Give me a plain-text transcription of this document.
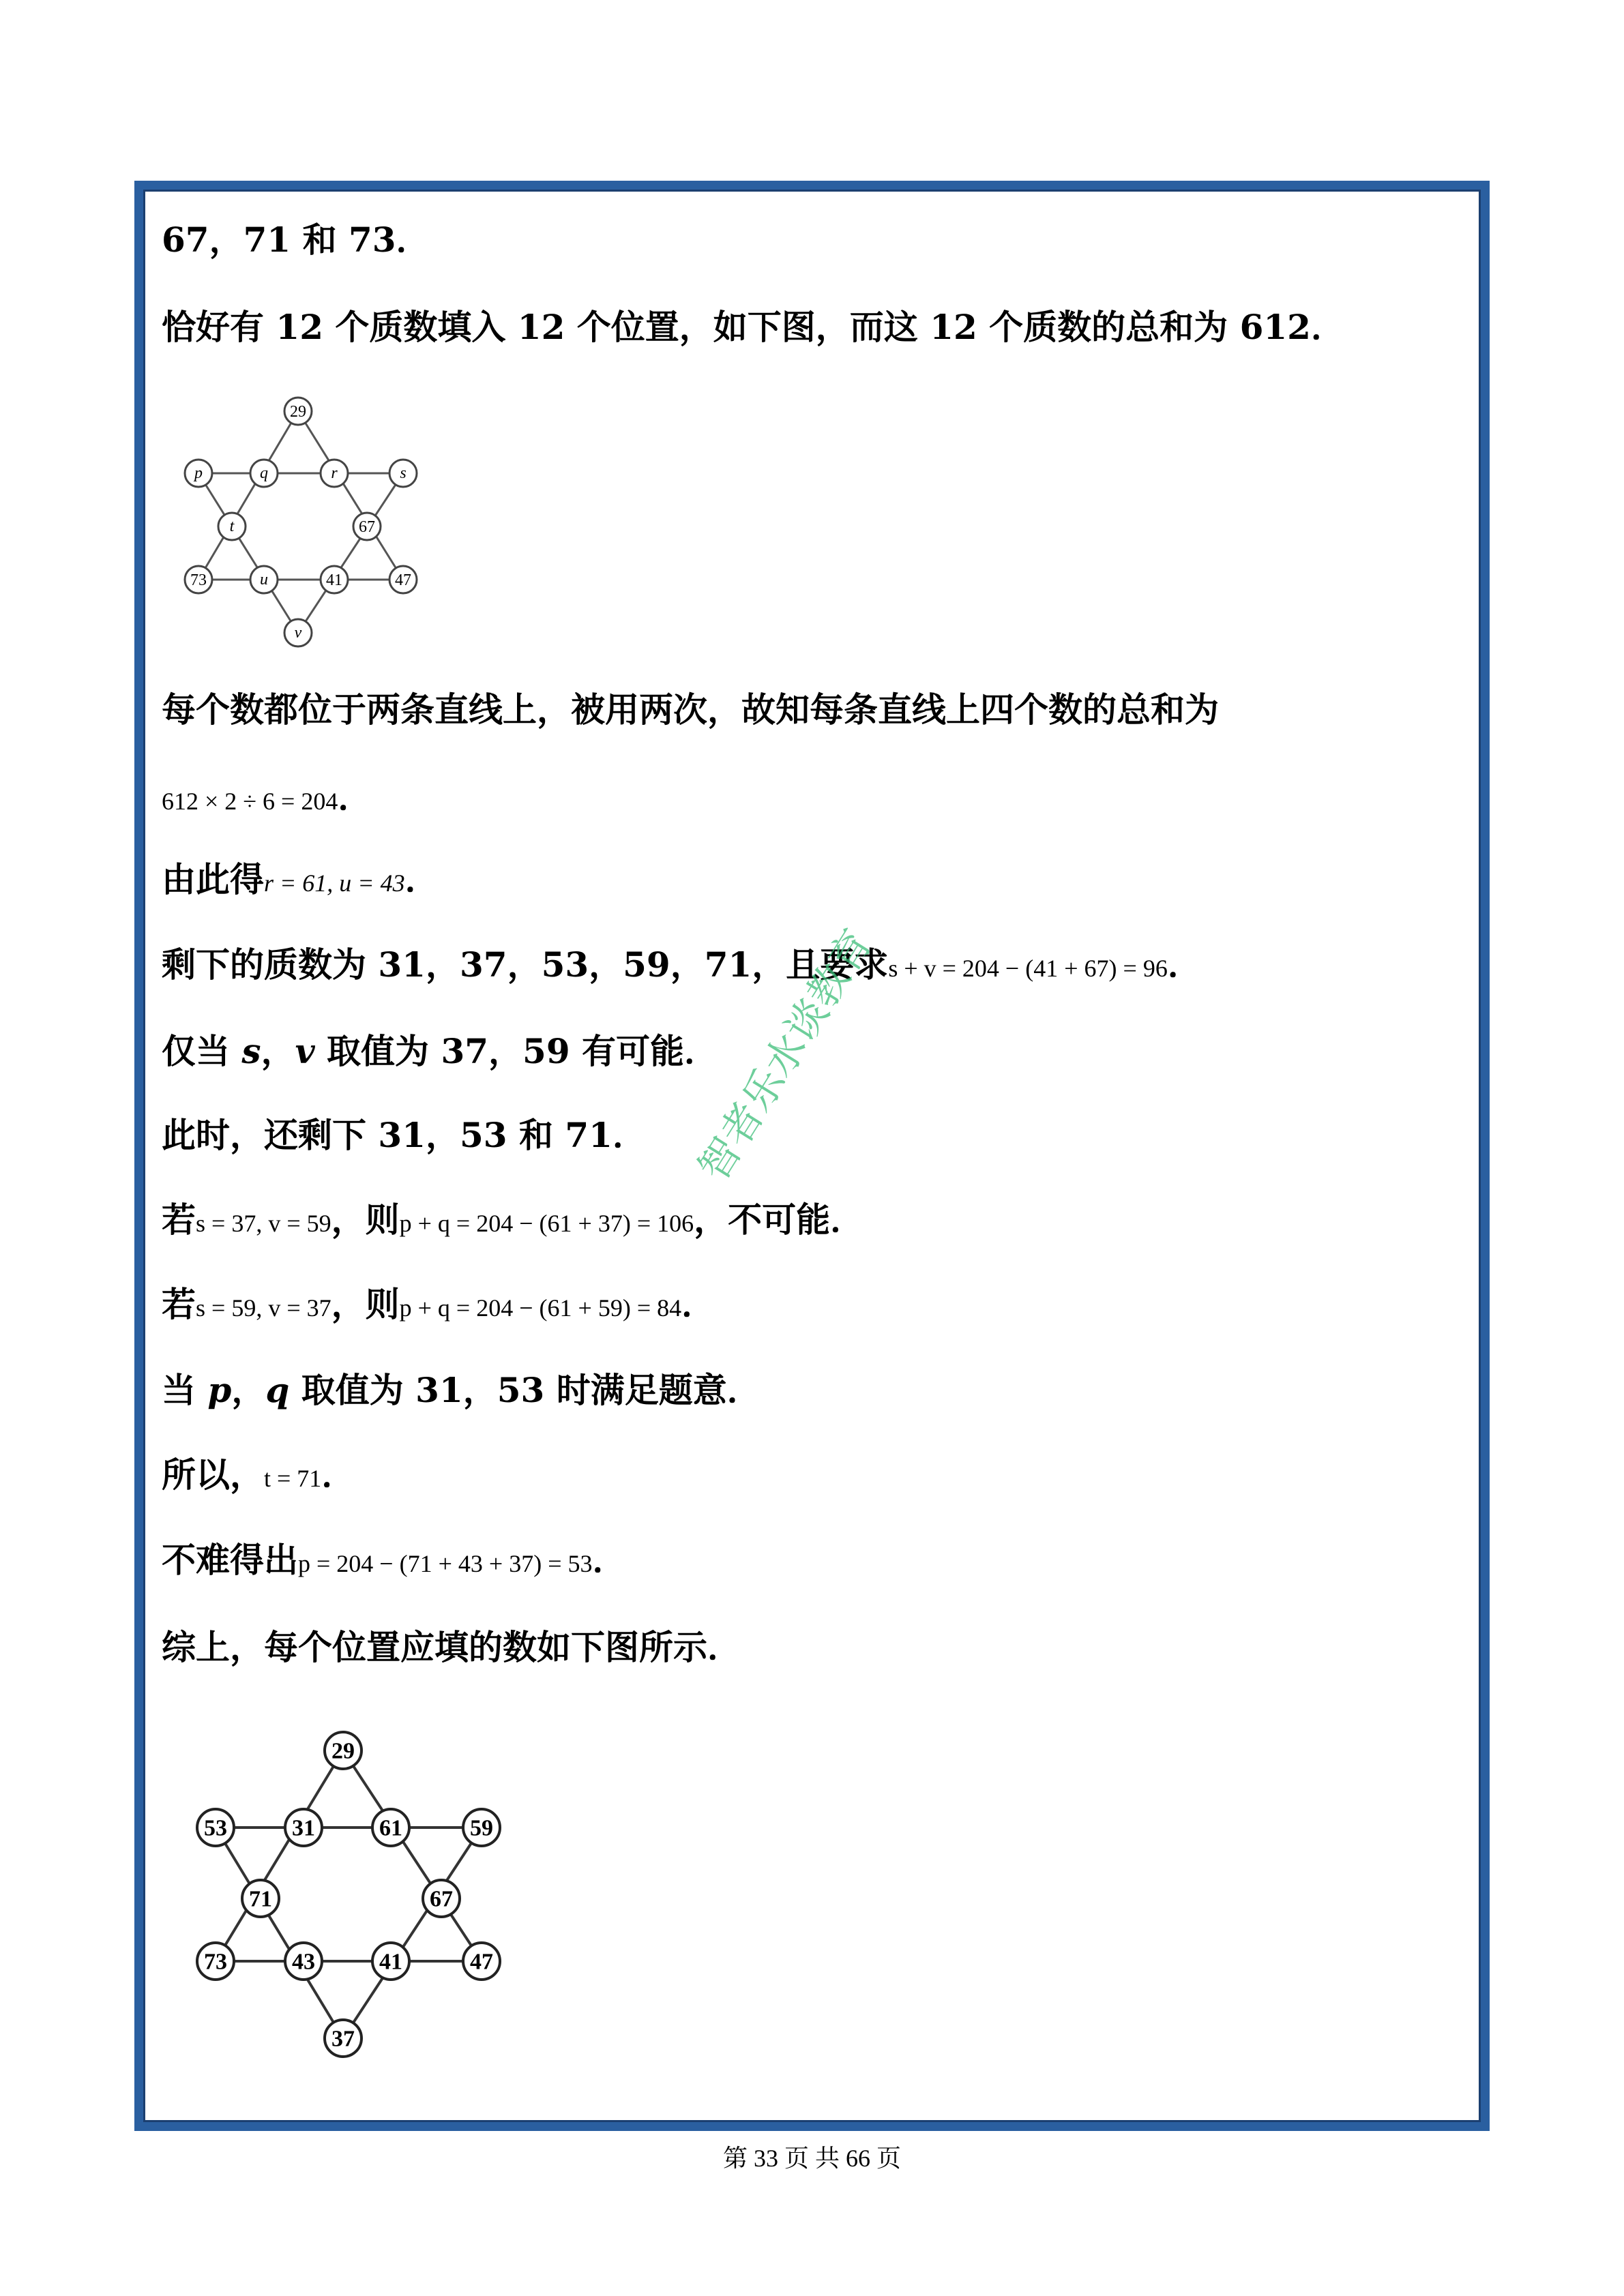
67，71 和 73．
恰好有 12 个质数填入 12 个位置，如下图，而这 12 个质数的总和为 612．
29
p	q	r	s
t	67
73	u	41	47
v
每个数都位于两条直线上，被用两次，故知每条直线上四个数的总和为
612 × 2 ÷ 6 = 204．
由此得r = 61, u = 43．
剩下的质数为 31，37，53，59，71，且要求s + v = 204 − (41 + 67) = 96．
仅当 s，v 取值为 37，59 有可能．
此时，还剩下 31，53 和 71．
若s = 37, v = 59，则p + q = 204 − (61 + 37) = 106，不可能．
若s = 59, v = 37，则p + q = 204 − (61 + 59) = 84．
当 p，q 取值为 31，53 时满足题意．
所以，t = 71．
不难得出p = 204 − (71 + 43 + 37) = 53．
综上，每个位置应填的数如下图所示．
29
53	31	61	59
71	67
73	43	41	47
37
智者乐水谈教育
第 33 页 共 66 页
